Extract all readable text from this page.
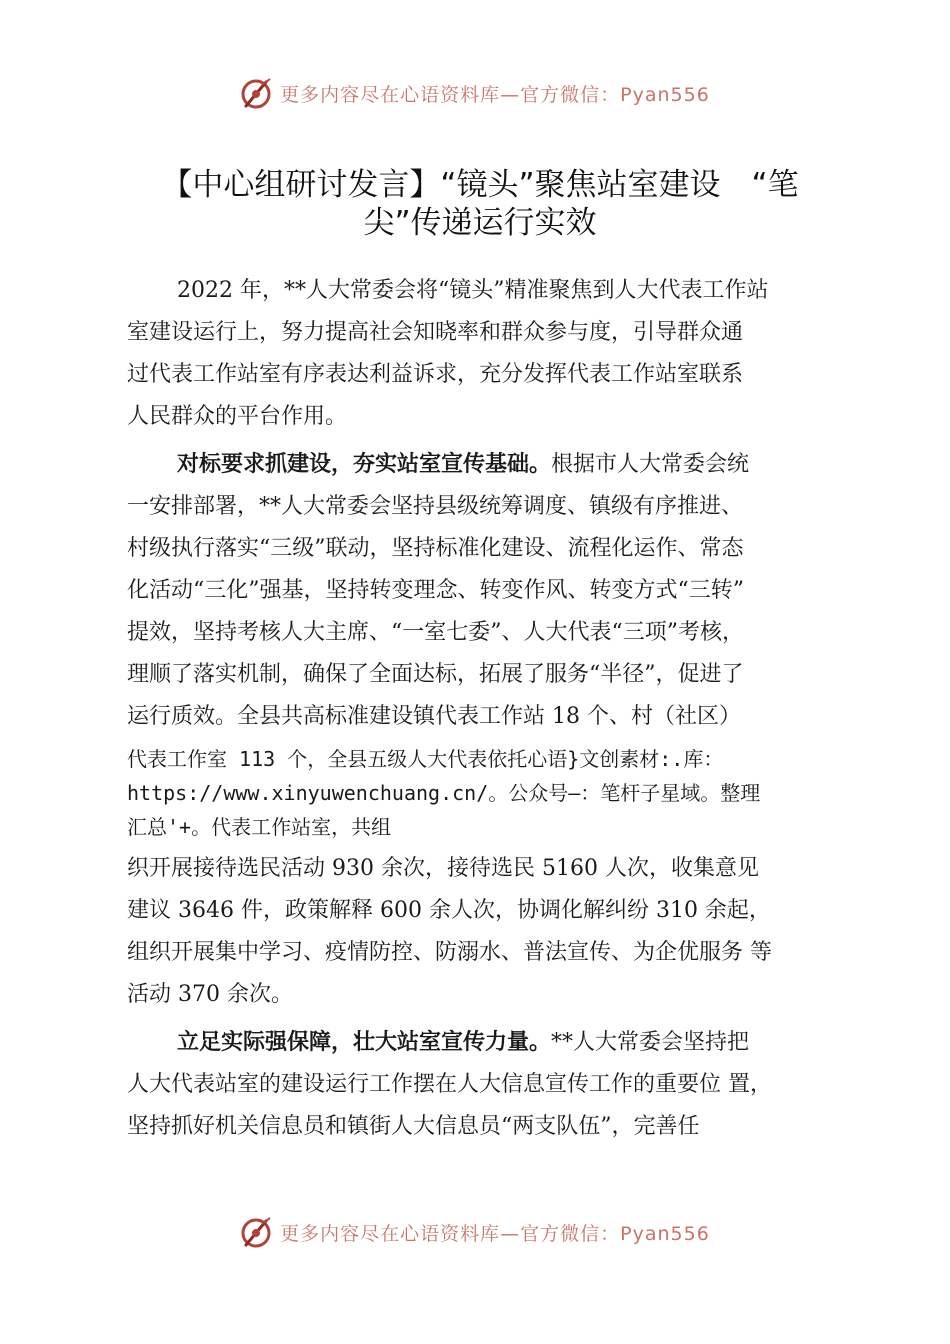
更多内容尽在心语资料库—官方微信：Pyan556
【中心组研讨发言】“镜头”聚焦站室建设　“笔
尖”传递运行实效
2022 年，**人大常委会将“镜头”精准聚焦到人大代表工作站
室建设运行上，努力提高社会知晓率和群众参与度，引导群众通
过代表工作站室有序表达利益诉求，充分发挥代表工作站室联系
人民群众的平台作用。
对标要求抓建设，夯实站室宣传基础。根据市人大常委会统
一安排部署，**人大常委会坚持县级统筹调度、镇级有序推进、
村级执行落实“三级”联动，坚持标准化建设、流程化运作、常态
化活动“三化”强基，坚持转变理念、转变作风、转变方式“三转”
提效，坚持考核人大主席、“一室七委”、人大代表“三项”考核，
理顺了落实机制，确保了全面达标，拓展了服务“半径”，促进了
运行质效。全县共高标准建设镇代表工作站 18 个、村（社区）
代表工作室 113 个，全县五级人大代表依托心语}文创素材:.库：
https://www.xinyuwenchuang.cn/。公众号—：笔杆子星域。整理
汇总'+。代表工作站室，共组
织开展接待选民活动 930 余次，接待选民 5160 人次，收集意见
建议 3646 件，政策解释 600 余人次，协调化解纠纷 310 余起，
组织开展集中学习、疫情防控、防溺水、普法宣传、为企优服务 等
活动 370 余次。
立足实际强保障，壮大站室宣传力量。**人大常委会坚持把
人大代表站室的建设运行工作摆在人大信息宣传工作的重要位 置，
坚持抓好机关信息员和镇街人大信息员“两支队伍”，完善任
更多内容尽在心语资料库—官方微信：Pyan556
